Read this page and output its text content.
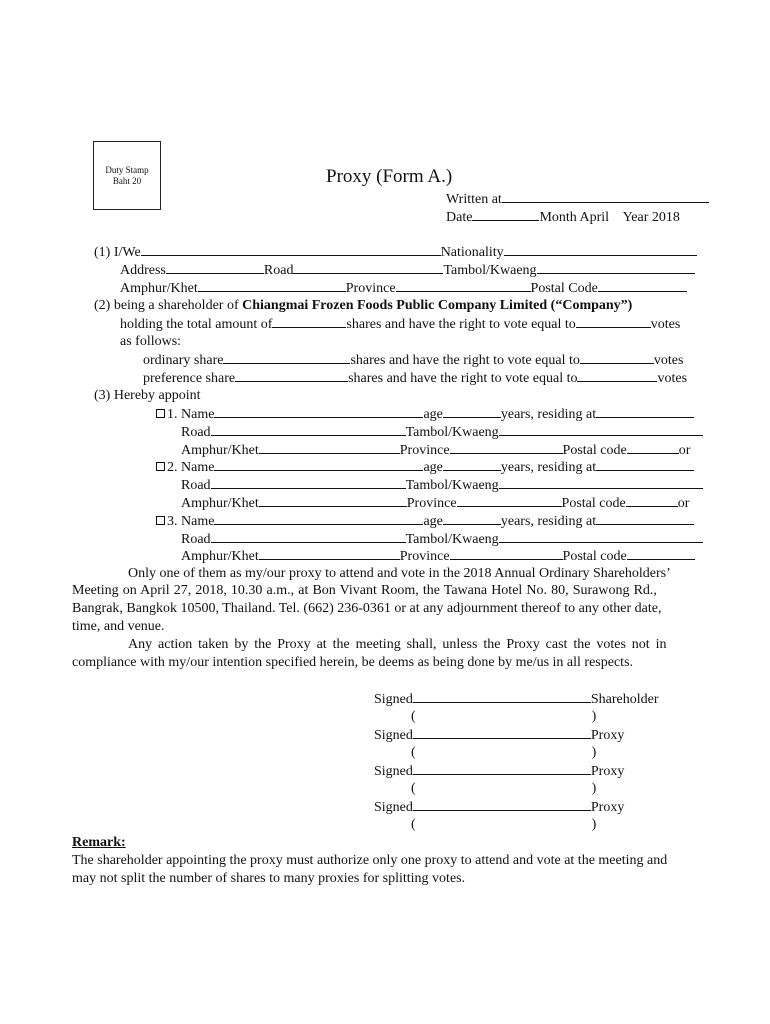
Duty Stamp
Baht 20	Proxy (Form A.)
Written at
Date	Month April Year 2018
(1) I/We	Nationality
Address	Road	Tambol/Kwaeng
Amphur/Khet	Province	Postal Code
(2) being a shareholder of Chiangmai Frozen Foods Public Company Limited (“Company”)
holding the total amount of	shares and have the right to vote equal to	votes
as follows:
ordinary share	shares and have the right to vote equal to	votes
preference share	shares and have the right to vote equal to	votes
(3) Hereby appoint
1. Name	age	years, residing at
Road	Tambol/Kwaeng
Amphur/Khet	Province	Postal code	or
2. Name	age	years, residing at
Road	Tambol/Kwaeng
Amphur/Khet	Province	Postal code	or
3. Name	age	years, residing at
Road	Tambol/Kwaeng
Amphur/Khet	Province	Postal code
Only one of them as my/our proxy to attend and vote in the 2018 Annual Ordinary Shareholders’
Meeting on April 27, 2018, 10.30 a.m., at Bon Vivant Room, the Tawana Hotel No. 80, Surawong Rd.,
Bangrak, Bangkok 10500, Thailand. Tel. (662) 236-0361 or at any adjournment thereof to any other date,
time, and venue.
Any action taken by the Proxy at the meeting shall, unless the Proxy cast the votes not in
compliance with my/our intention specified herein, be deems as being done by me/us in all respects.
Signed	Shareholder
(	)
Signed	Proxy
(	)
Signed	Proxy
(	)
Signed	Proxy
(	)
Remark:
The shareholder appointing the proxy must authorize only one proxy to attend and vote at the meeting and
may not split the number of shares to many proxies for splitting votes.
